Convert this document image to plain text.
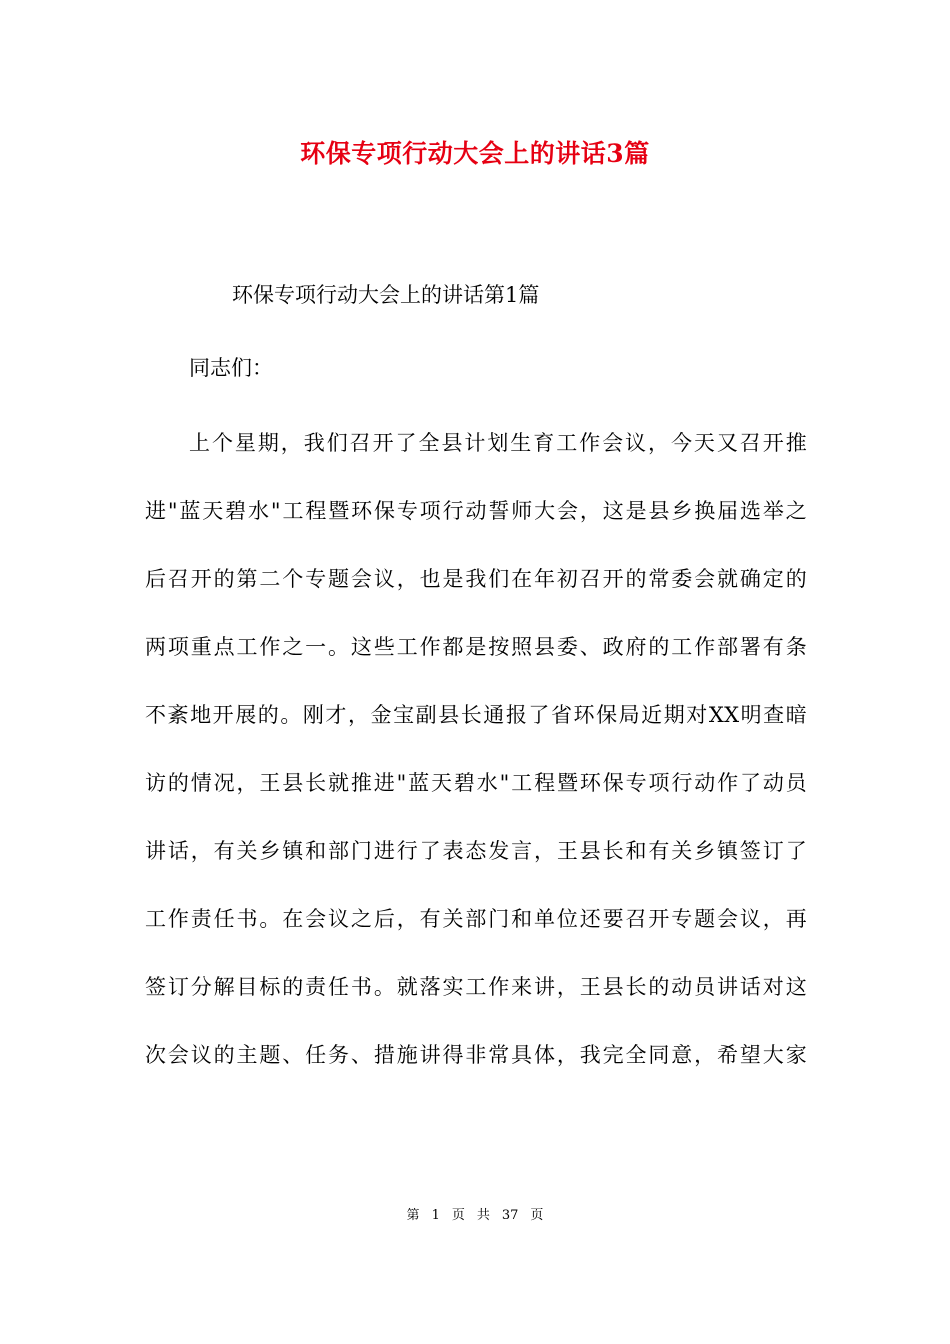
环保专项行动大会上的讲话3篇
环保专项行动大会上的讲话第1篇
同志们：
上个星期，我们召开了全县计划生育工作会议，今天又召开推
进"蓝天碧水"工程暨环保专项行动誓师大会，这是县乡换届选举之
后召开的第二个专题会议，也是我们在年初召开的常委会就确定的
两项重点工作之一。这些工作都是按照县委、政府的工作部署有条
不紊地开展的。刚才，金宝副县长通报了省环保局近期对XX明查暗
访的情况，王县长就推进"蓝天碧水"工程暨环保专项行动作了动员
讲话，有关乡镇和部门进行了表态发言，王县长和有关乡镇签订了
工作责任书。在会议之后，有关部门和单位还要召开专题会议，再
签订分解目标的责任书。就落实工作来讲，王县长的动员讲话对这
次会议的主题、任务、措施讲得非常具体，我完全同意，希望大家
第 1 页 共 37 页
